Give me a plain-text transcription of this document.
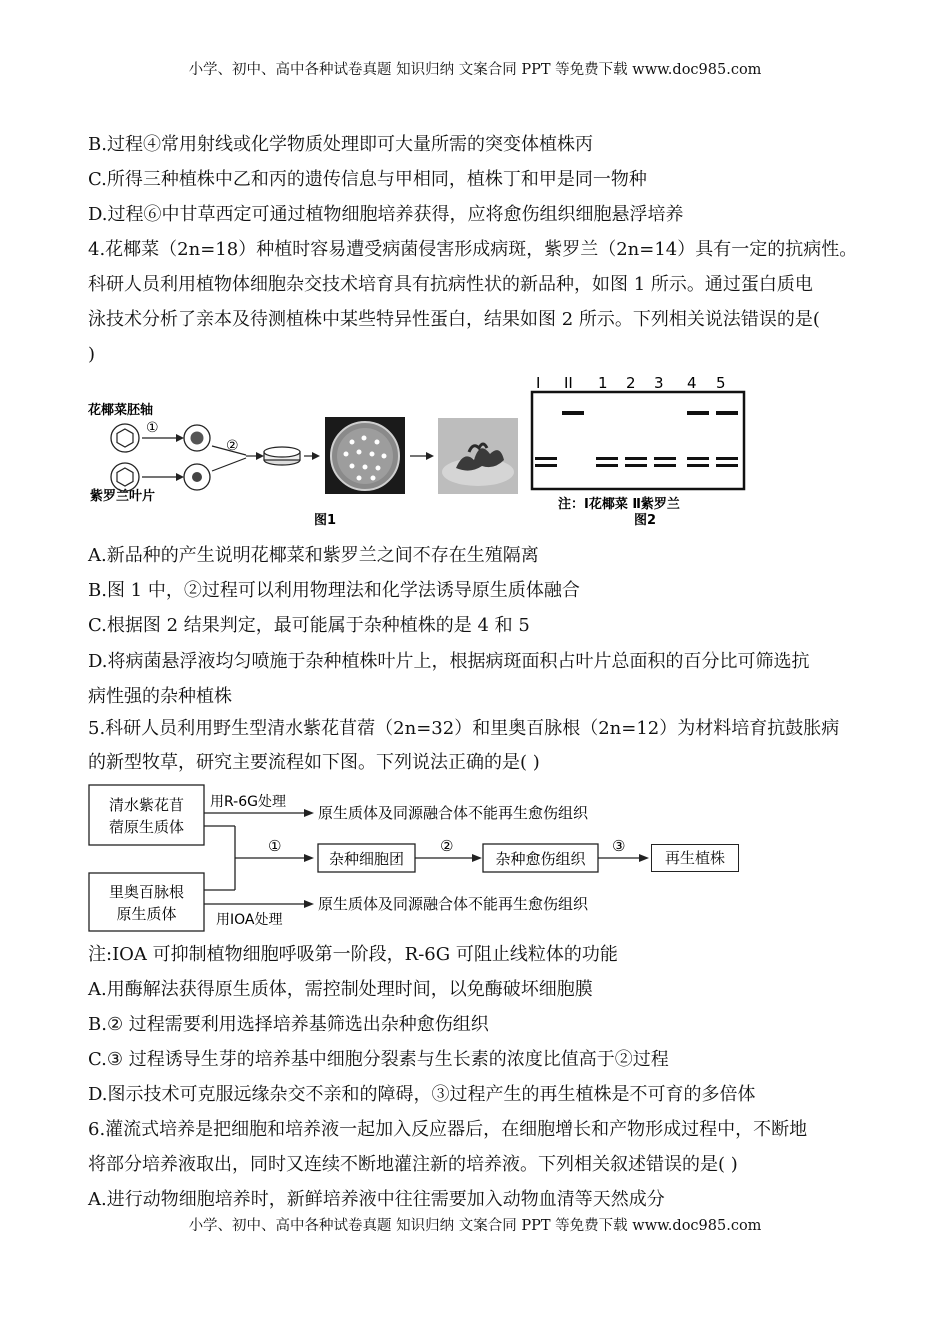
小学、初中、高中各种试卷真题 知识归纳 文案合同 PPT 等免费下载 www.doc985.com
B.过程④常用射线或化学物质处理即可大量所需的突变体植株丙
C.所得三种植株中乙和丙的遗传信息与甲相同，植株丁和甲是同一物种
D.过程⑥中甘草西定可通过植物细胞培养获得，应将愈伤组织细胞悬浮培养
4.花椰菜（2n=18）种植时容易遭受病菌侵害形成病斑，紫罗兰（2n=14）具有一定的抗病性。
科研人员利用植物体细胞杂交技术培育具有抗病性状的新品种，如图 1 所示。通过蛋白质电
泳技术分析了亲本及待测植株中某些特异性蛋白，结果如图 2 所示。下列相关说法错误的是(
)
花椰菜胚轴
紫罗兰叶片
①
②
I II 1 2 3 4 5
注：Ⅰ花椰菜 Ⅱ紫罗兰
图1	图2
A.新品种的产生说明花椰菜和紫罗兰之间不存在生殖隔离
B.图 1 中，②过程可以利用物理法和化学法诱导原生质体融合
C.根据图 2 结果判定，最可能属于杂种植株的是 4 和 5
D.将病菌悬浮液均匀喷施于杂种植株叶片上，根据病斑面积占叶片总面积的百分比可筛选抗
病性强的杂种植株
5.科研人员利用野生型清水紫花苜蓿（2n=32）和里奥百脉根（2n=12）为材料培育抗鼓胀病
的新型牧草，研究主要流程如下图。下列说法正确的是( )
清水紫花苜
蓿原生质体
里奥百脉根
原生质体
用R-6G处理
原生质体及同源融合体不能再生愈伤组织
用IOA处理
原生质体及同源融合体不能再生愈伤组织
①
杂种细胞团
②
杂种愈伤组织
③
再生植株
注:IOA 可抑制植物细胞呼吸第一阶段，R-6G 可阻止线粒体的功能
A.用酶解法获得原生质体，需控制处理时间，以免酶破坏细胞膜
B.② 过程需要利用选择培养基筛选出杂种愈伤组织
C.③ 过程诱导生芽的培养基中细胞分裂素与生长素的浓度比值高于②过程
D.图示技术可克服远缘杂交不亲和的障碍，③过程产生的再生植株是不可育的多倍体
6.灌流式培养是把细胞和培养液一起加入反应器后，在细胞增长和产物形成过程中，不断地
将部分培养液取出，同时又连续不断地灌注新的培养液。下列相关叙述错误的是( )
A.进行动物细胞培养时，新鲜培养液中往往需要加入动物血清等天然成分
小学、初中、高中各种试卷真题 知识归纳 文案合同 PPT 等免费下载 www.doc985.com
